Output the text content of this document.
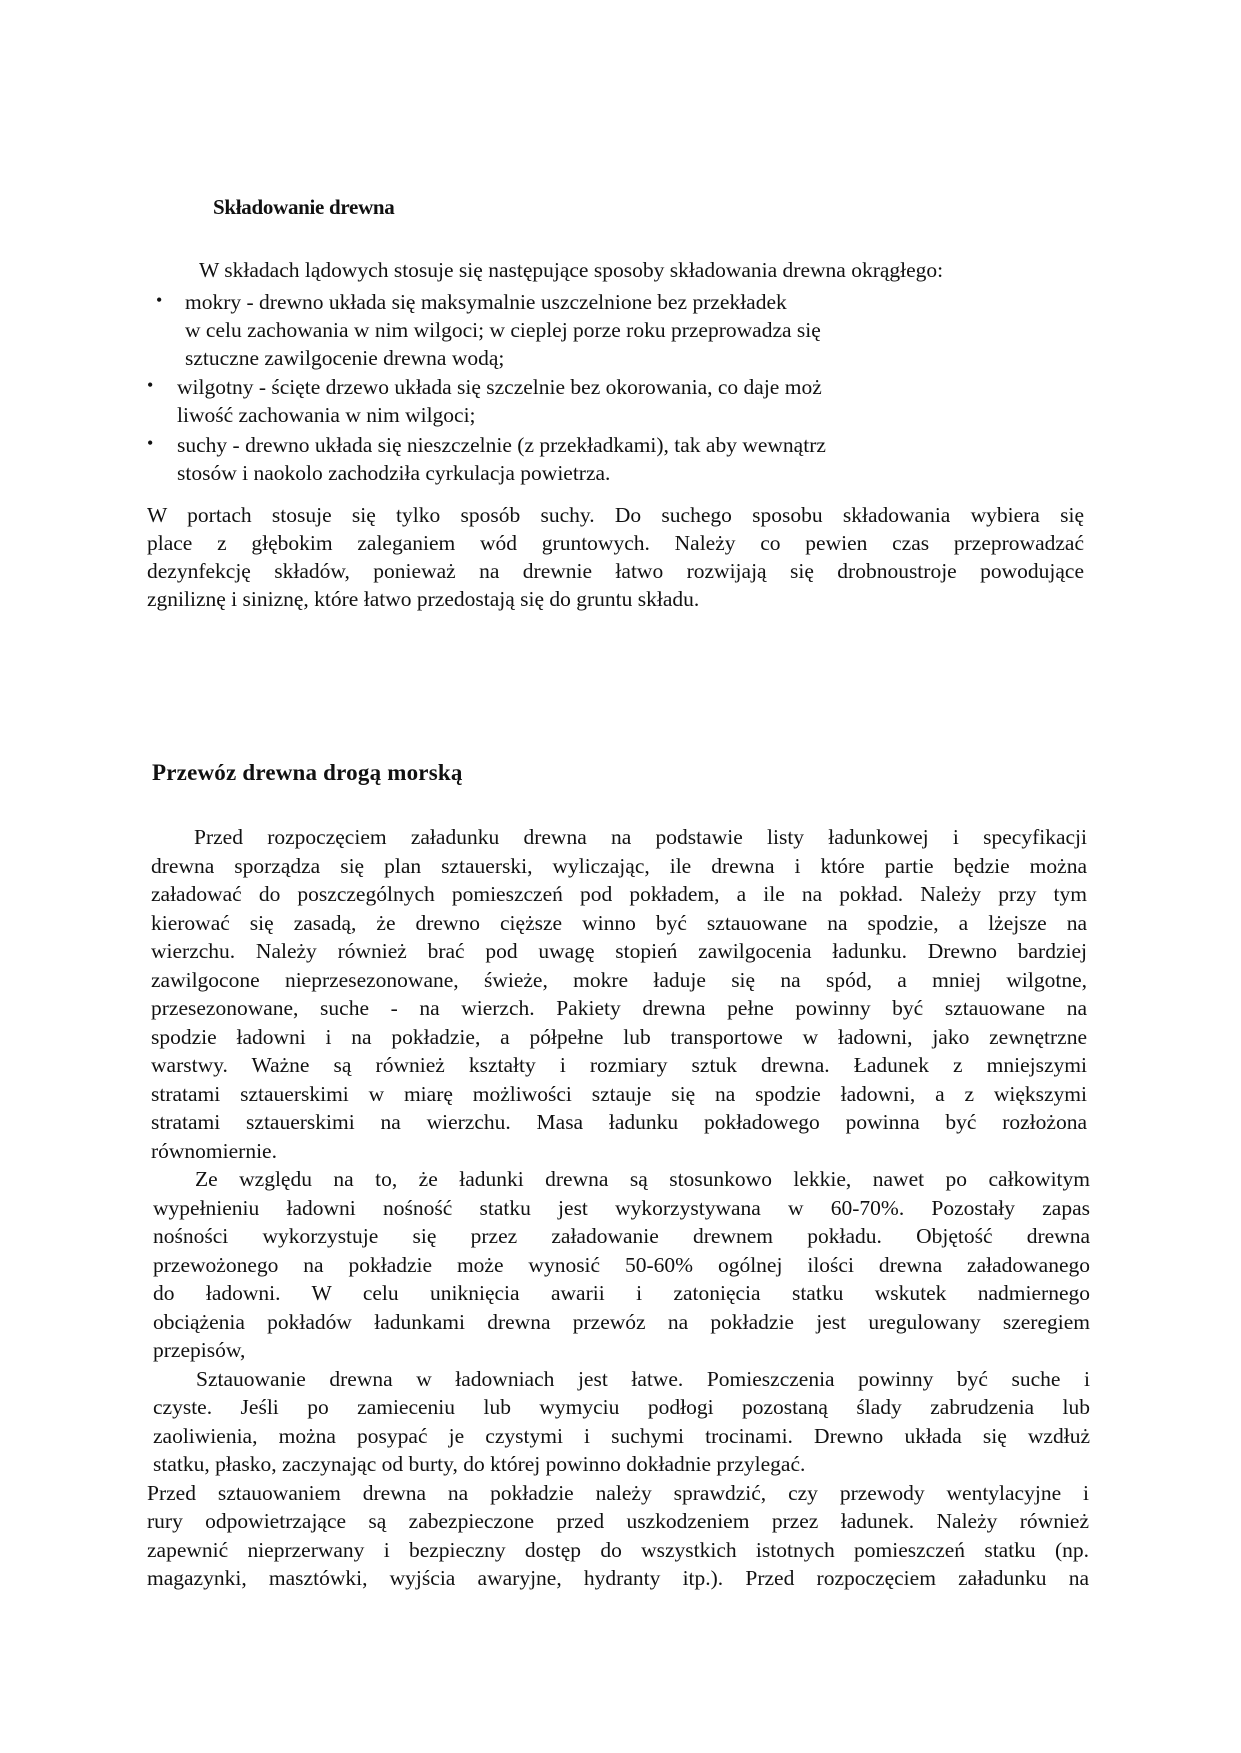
Składowanie drewna
W składach lądowych stosuje się następujące sposoby składowania drewna okrągłego:
• mokry - drewno układa się maksymalnie uszczelnione bez przekładek
w celu zachowania w nim wilgoci; w cieplej porze roku przeprowadza się
sztuczne zawilgocenie drewna wodą;
• wilgotny - ścięte drzewo układa się szczelnie bez okorowania, co daje moż
liwość zachowania w nim wilgoci;
• suchy - drewno układa się nieszczelnie (z przekładkami), tak aby wewnątrz
stosów i naokolo zachodziła cyrkulacja powietrza.
W portach stosuje się tylko sposób suchy. Do suchego sposobu składowania wybiera się
place z głębokim zaleganiem wód gruntowych. Należy co pewien czas przeprowadzać
dezynfekcję składów, ponieważ na drewnie łatwo rozwijają się drobnoustroje powodujące
zgniliznę i siniznę, które łatwo przedostają się do gruntu składu.
Przewóz drewna drogą morską
Przed rozpoczęciem załadunku drewna na podstawie listy ładunkowej i specyfikacji
drewna sporządza się plan sztauerski, wyliczając, ile drewna i które partie będzie można
załadować do poszczególnych pomieszczeń pod pokładem, a ile na pokład. Należy przy tym
kierować się zasadą, że drewno cięższe winno być sztauowane na spodzie, a lżejsze na
wierzchu. Należy również brać pod uwagę stopień zawilgocenia ładunku. Drewno bardziej
zawilgocone nieprzesezonowane, świeże, mokre ładuje się na spód, a mniej wilgotne,
przesezonowane, suche - na wierzch. Pakiety drewna pełne powinny być sztauowane na
spodzie ładowni i na pokładzie, a półpełne lub transportowe w ładowni, jako zewnętrzne
warstwy. Ważne są również kształty i rozmiary sztuk drewna. Ładunek z mniejszymi
stratami sztauerskimi w miarę możliwości sztauje się na spodzie ładowni, a z większymi
stratami sztauerskimi na wierzchu. Masa ładunku pokładowego powinna być rozłożona
równomiernie.
Ze względu na to, że ładunki drewna są stosunkowo lekkie, nawet po całkowitym
wypełnieniu ładowni nośność statku jest wykorzystywana w 60-70%. Pozostały zapas
nośności wykorzystuje się przez załadowanie drewnem pokładu. Objętość drewna
przewożonego na pokładzie może wynosić 50-60% ogólnej ilości drewna załadowanego
do ładowni. W celu uniknięcia awarii i zatonięcia statku wskutek nadmiernego
obciążenia pokładów ładunkami drewna przewóz na pokładzie jest uregulowany szeregiem
przepisów,
Sztauowanie drewna w ładowniach jest łatwe. Pomieszczenia powinny być suche i
czyste. Jeśli po zamieceniu lub wymyciu podłogi pozostaną ślady zabrudzenia lub
zaoliwienia, można posypać je czystymi i suchymi trocinami. Drewno układa się wzdłuż
statku, płasko, zaczynając od burty, do której powinno dokładnie przylegać.
Przed sztauowaniem drewna na pokładzie należy sprawdzić, czy przewody wentylacyjne i
rury odpowietrzające są zabezpieczone przed uszkodzeniem przez ładunek. Należy również
zapewnić nieprzerwany i bezpieczny dostęp do wszystkich istotnych pomieszczeń statku (np.
magazynki, masztówki, wyjścia awaryjne, hydranty itp.). Przed rozpoczęciem załadunku na
